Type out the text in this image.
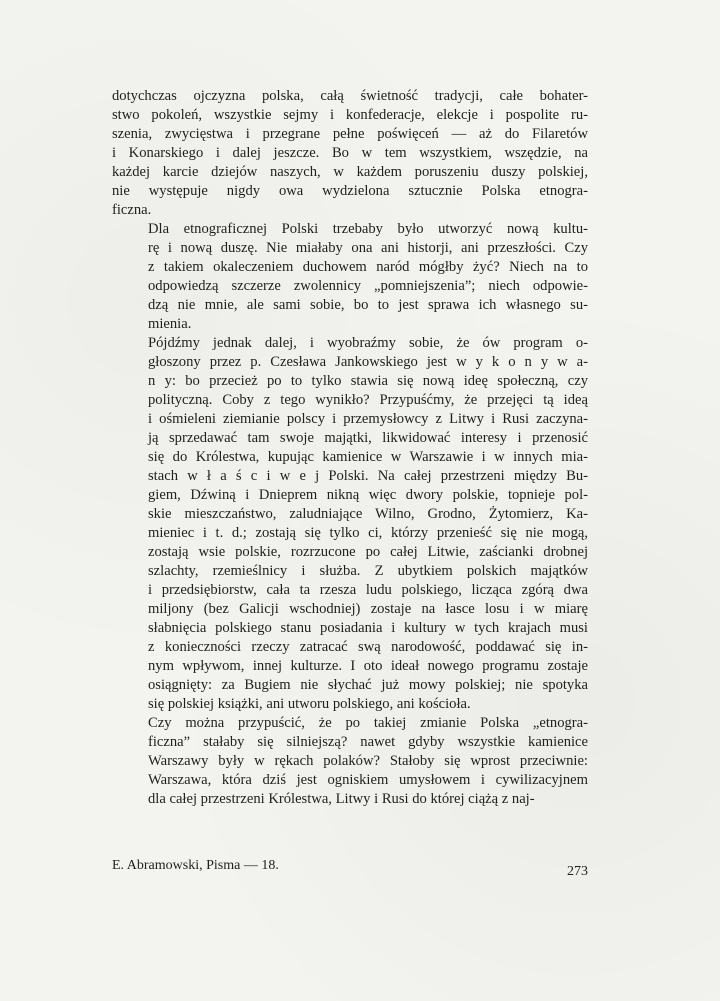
dotychczas ojczyzna polska, całą świetność tradycji, całe bohater-
stwo pokoleń, wszystkie sejmy i konfederacje, elekcje i pospolite ru-
szenia, zwycięstwa i przegrane pełne poświęceń — aż do Filaretów
i Konarskiego i dalej jeszcze. Bo w tem wszystkiem, wszędzie, na
każdej karcie dziejów naszych, w każdem poruszeniu duszy polskiej,
nie występuje nigdy owa wydzielona sztucznie Polska etnogra-
ficzna.
Dla etnograficznej Polski trzebaby było utworzyć nową kultu-
rę i nową duszę. Nie miałaby ona ani historji, ani przeszłości. Czy
z takiem okaleczeniem duchowem naród mógłby żyć? Niech na to
odpowiedzą szczerze zwolennicy „pomniejszenia”; niech odpowie-
dzą nie mnie, ale sami sobie, bo to jest sprawa ich własnego su-
mienia.
Pójdźmy jednak dalej, i wyobraźmy sobie, że ów program o-
głoszony przez p. Czesława Jankowskiego jest w y k o n y w a-
n y: bo przecież po to tylko stawia się nową ideę społeczną, czy
polityczną. Coby z tego wynikło? Przypuśćmy, że przejęci tą ideą
i ośmieleni ziemianie polscy i przemysłowcy z Litwy i Rusi zaczyna-
ją sprzedawać tam swoje majątki, likwidować interesy i przenosić
się do Królestwa, kupując kamienice w Warszawie i w innych miа-
stach w ł a ś c i w e j Polski. Na całej przestrzeni między Bu-
giem, Dźwiną i Dnieprem nikną więc dwory polskie, topnieje pol-
skie mieszczaństwo, zaludniające Wilno, Grodno, Żytomierz, Ka-
mieniec i t. d.; zostają się tylko ci, którzy przenieść się nie mogą,
zostają wsie polskie, rozrzucone po całej Litwie, zaścianki drobnej
szlachty, rzemieślnicy i służba. Z ubytkiem polskich majątków
i przedsiębiorstw, cała ta rzesza ludu polskiego, licząca zgórą dwa
miljony (bez Galicji wschodniej) zostaje na łasce losu i w miarę
słabnięcia polskiego stanu posiadania i kultury w tych krajach musi
z konieczności rzeczy zatracać swą narodowość, poddawać się in-
nym wpływom, innej kulturze. I oto ideał nowego programu zostaje
osiągnięty: za Bugiem nie słychać już mowy polskiej; nie spotyka
się polskiej książki, ani utworu polskiego, ani kościoła.
Czy można przypuścić, że po takiej zmianie Polska „etnogra-
ficzna” stałaby się silniejszą? nawet gdyby wszystkie kamienice
Warszawy były w rękach polaków? Stałoby się wprost przeciwnie:
Warszawa, która dziś jest ogniskiem umysłowem i cywilizacyjnem
dla całej przestrzeni Królestwa, Litwy i Rusi do której ciążą z naj-
E. Abramowski, Pisma — 18.	273
